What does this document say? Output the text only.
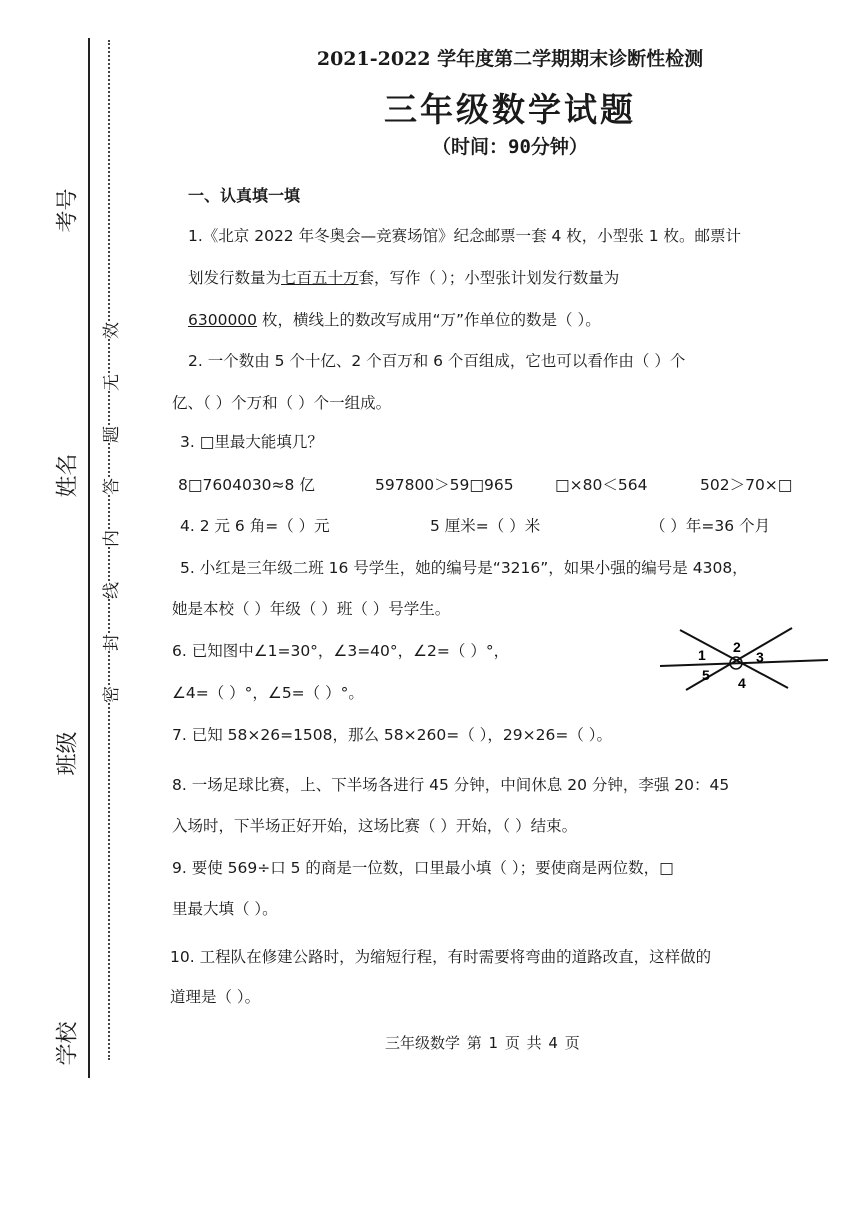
考号
姓名
班级
学校
密
封
线
内
答
题
无
效
2021-2022 学年度第二学期期末诊断性检测
三年级数学试题
（时间：90分钟）
一、认真填一填
1.《北京 2022 年冬奥会—竞赛场馆》纪念邮票一套 4 枚，小型张 1 枚。邮票计
划发行数量为七百五十万套，写作（ ）；小型张计划发行数量为
6300000 枚，横线上的数改写成用“万”作单位的数是（ ）。
2. 一个数由 5 个十亿、2 个百万和 6 个百组成，它也可以看作由（ ）个
亿、（ ）个万和（ ）个一组成。
3. □里最大能填几？
8□7604030≈8 亿	597800＞59□965	□×80＜564	502＞70×□
4. 2 元 6 角=（ ）元	5 厘米=（ ）米	（ ）年=36 个月
5. 小红是三年级二班 16 号学生，她的编号是“3216”，如果小强的编号是 4308，
她是本校（ ）年级（ ）班（ ）号学生。
6. 已知图中∠1=30°，∠3=40°，∠2=（ ）°，
∠4=（ ）°，∠5=（ ）°。
1 2
3
4
5
7. 已知 58×26=1508，那么 58×260=（ ），29×26=（ ）。
8. 一场足球比赛，上、下半场各进行 45 分钟，中间休息 20 分钟，李强 20：45
入场时，下半场正好开始，这场比赛（ ）开始，（ ）结束。
9. 要使 569÷口 5 的商是一位数，口里最小填（ ）；要使商是两位数，□
里最大填（ ）。
10. 工程队在修建公路时，为缩短行程，有时需要将弯曲的道路改直，这样做的
道理是（ ）。
三年级数学 第 1 页 共 4 页
